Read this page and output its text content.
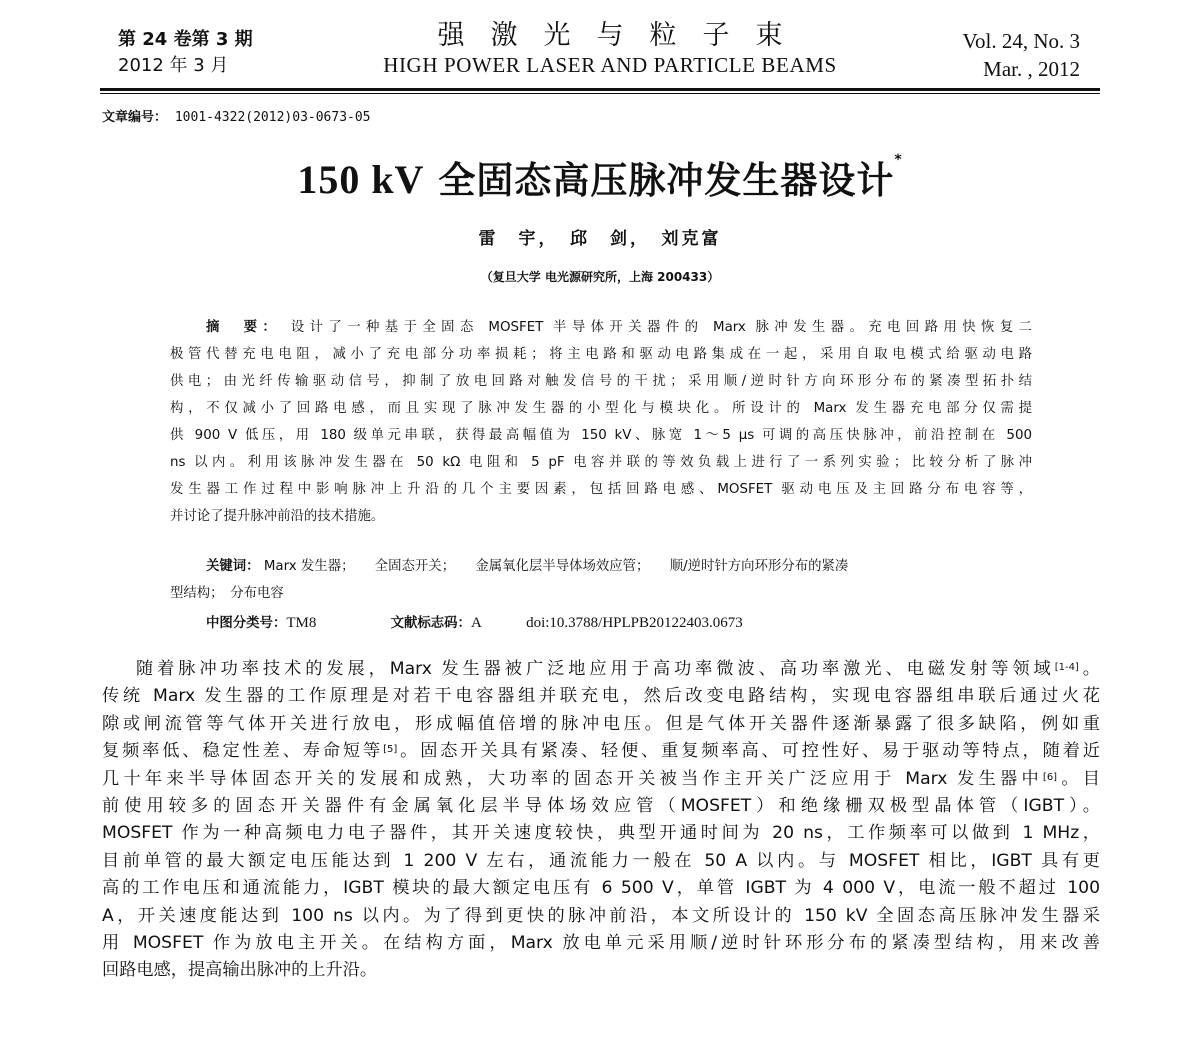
第 24 卷第 3 期
2012 年 3 月
强激光与粒子束
HIGH POWER LASER AND PARTICLE BEAMS
Vol. 24, No. 3
Mar. , 2012
文章编号： 1001-4322(2012)03-0673-05
150 kV 全固态高压脉冲发生器设计*
雷　宇，　邱　剑，　刘克富
（复旦大学 电光源研究所，上海 200433）
摘　要： 设计了一种基于全固态 MOSFET 半导体开关器件的 Marx 脉冲发生器。充电回路用快恢复二
极管代替充电电阻，减小了充电部分功率损耗；将主电路和驱动电路集成在一起，采用自取电模式给驱动电路
供电；由光纤传输驱动信号，抑制了放电回路对触发信号的干扰；采用顺/逆时针方向环形分布的紧凑型拓扑结
构，不仅减小了回路电感，而且实现了脉冲发生器的小型化与模块化。所设计的 Marx 发生器充电部分仅需提
供 900 V 低压，用 180 级单元串联，获得最高幅值为 150 kV、脉宽 1～5 μs 可调的高压快脉冲，前沿控制在 500
ns 以内。利用该脉冲发生器在 50 kΩ 电阻和 5 pF 电容并联的等效负载上进行了一系列实验；比较分析了脉冲
发生器工作过程中影响脉冲上升沿的几个主要因素，包括回路电感、MOSFET 驱动电压及主回路分布电容等，
并讨论了提升脉冲前沿的技术措施。
关键词： Marx 发生器； 全固态开关； 金属氧化层半导体场效应管； 顺/逆时针方向环形分布的紧凑
型结构；　分布电容
中图分类号：TM8	文献标志码：A	doi:10.3788/HPLPB20122403.0673
随着脉冲功率技术的发展，Marx 发生器被广泛地应用于高功率微波、高功率激光、电磁发射等领域[1-4]。
传统 Marx 发生器的工作原理是对若干电容器组并联充电，然后改变电路结构，实现电容器组串联后通过火花
隙或闸流管等气体开关进行放电，形成幅值倍增的脉冲电压。但是气体开关器件逐渐暴露了很多缺陷，例如重
复频率低、稳定性差、寿命短等[5]。固态开关具有紧凑、轻便、重复频率高、可控性好、易于驱动等特点，随着近
几十年来半导体固态开关的发展和成熟，大功率的固态开关被当作主开关广泛应用于 Marx 发生器中[6]。目
前使用较多的固态开关器件有金属氧化层半导体场效应管（MOSFET）和绝缘栅双极型晶体管（IGBT）。
MOSFET 作为一种高频电力电子器件，其开关速度较快，典型开通时间为 20 ns，工作频率可以做到 1 MHz，
目前单管的最大额定电压能达到 1 200 V 左右，通流能力一般在 50 A 以内。与 MOSFET 相比，IGBT 具有更
高的工作电压和通流能力，IGBT 模块的最大额定电压有 6 500 V，单管 IGBT 为 4 000 V，电流一般不超过 100
A，开关速度能达到 100 ns 以内。为了得到更快的脉冲前沿，本文所设计的 150 kV 全固态高压脉冲发生器采
用 MOSFET 作为放电主开关。在结构方面，Marx 放电单元采用顺/逆时针环形分布的紧凑型结构，用来改善
回路电感，提高输出脉冲的上升沿。
